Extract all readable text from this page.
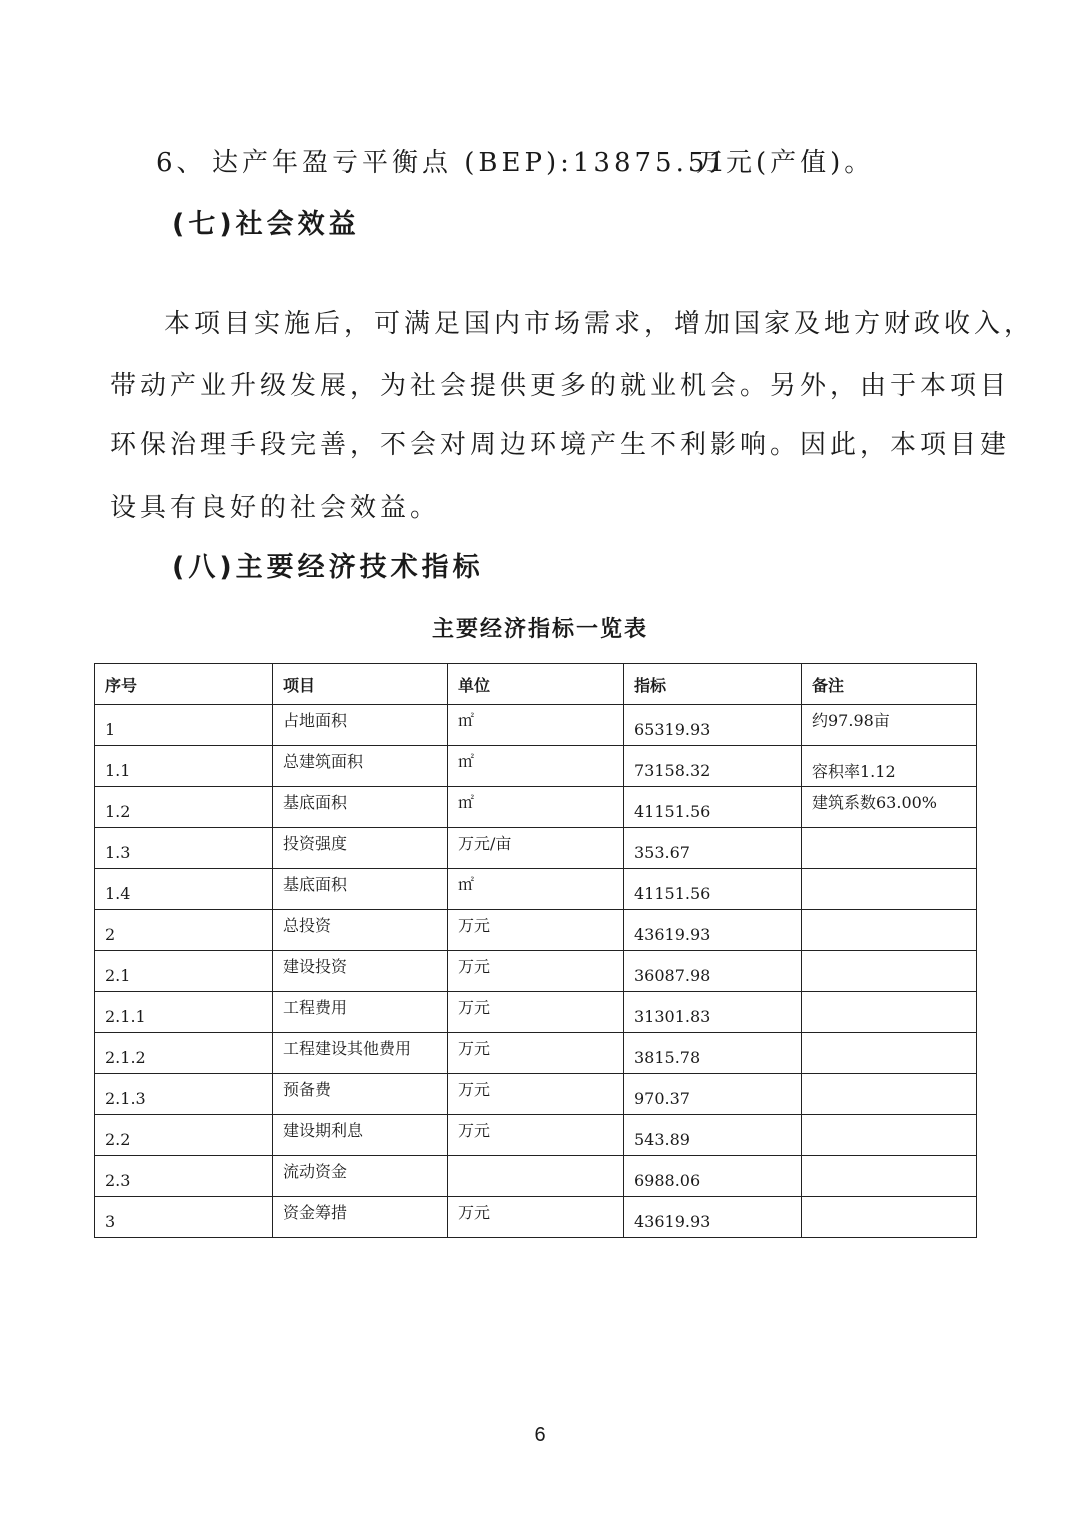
6、 达产年盈亏平衡点 (BEP):13875.51
万元(产值)。
(七)社会效益
本项目实施后，可满足国内市场需求，增加国家及地方财政收入，
带动产业升级发展，为社会提供更多的就业机会。另外，由于本项目
环保治理手段完善，不会对周边环境产生不利影响。因此，本项目建
设具有良好的社会效益。
(八)主要经济技术指标
主要经济指标一览表
序号	项目	单位	指标	备注
1	占地面积	㎡	65319.93	约97.98亩
1.1	总建筑面积	㎡	73158.32	容积率1.12
1.2	基底面积	㎡	41151.56	建筑系数63.00%
1.3	投资强度	万元/亩	353.67	
1.4	基底面积	㎡	41151.56	
2	总投资	万元	43619.93	
2.1	建设投资	万元	36087.98	
2.1.1	工程费用	万元	31301.83	
2.1.2	工程建设其他费用	万元	3815.78	
2.1.3	预备费	万元	970.37	
2.2	建设期利息	万元	543.89	
2.3	流动资金		6988.06	
3	资金筹措	万元	43619.93	
6
